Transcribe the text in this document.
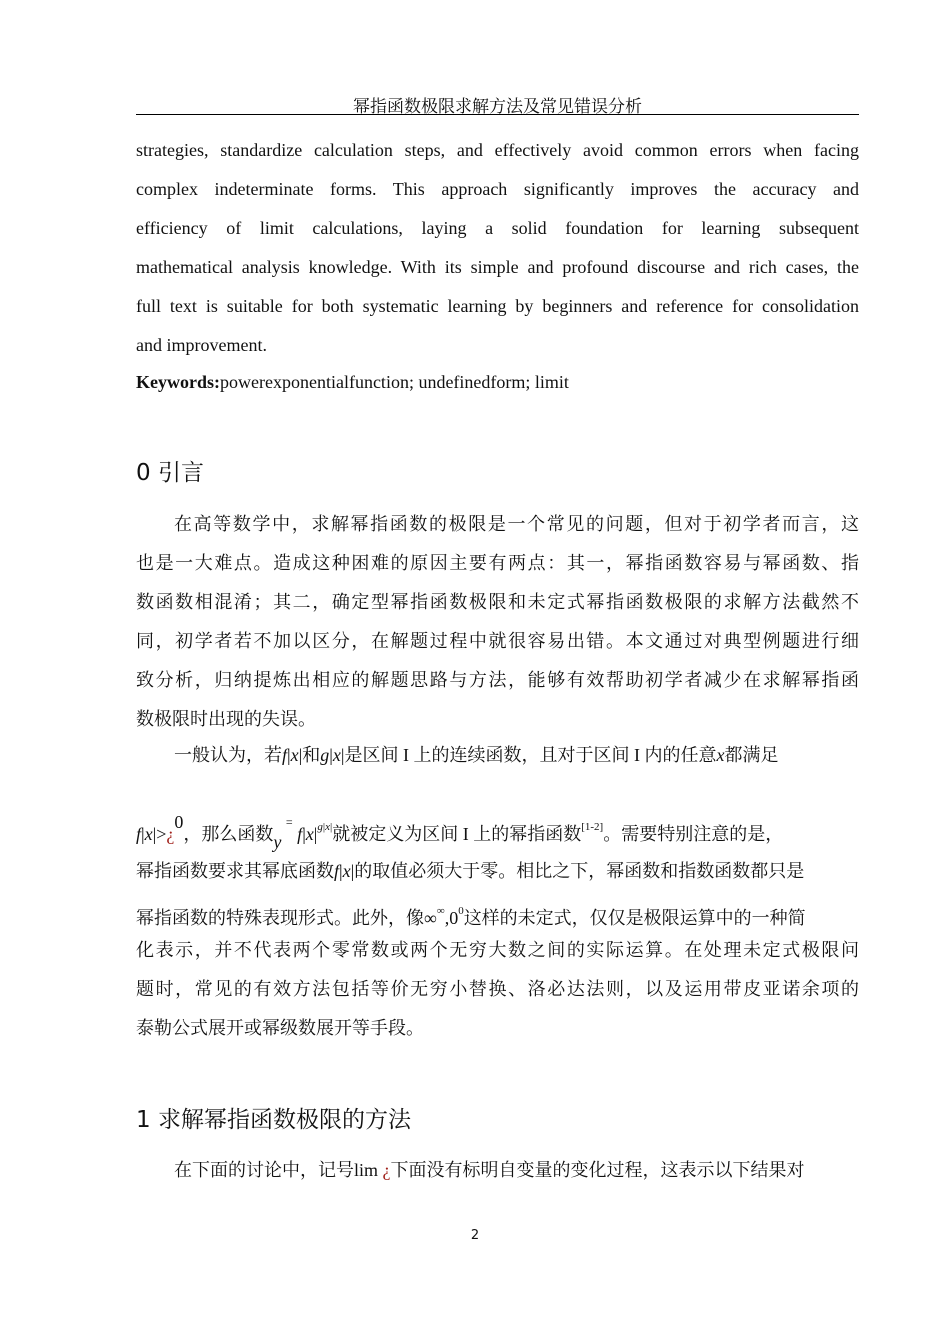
幂指函数极限求解方法及常见错误分析
strategies, standardize calculation steps, and effectively avoid common errors when facing
complex indeterminate forms. This approach significantly improves the accuracy and
efficiency of limit calculations, laying a solid foundation for learning subsequent
mathematical analysis knowledge. With its simple and profound discourse and rich cases, the
full text is suitable for both systematic learning by beginners and reference for consolidation
and improvement.
Keywords:powerexponentialfunction; undefinedform; limit
0 引言
在高等数学中，求解幂指函数的极限是一个常见的问题，但对于初学者而言，这
也是一大难点。造成这种困难的原因主要有两点：其一，幂指函数容易与幂函数、指
数函数相混淆；其二，确定型幂指函数极限和未定式幂指函数极限的求解方法截然不
同，初学者若不加以区分，在解题过程中就很容易出错。本文通过对典型例题进行细
致分析，归纳提炼出相应的解题思路与方法，能够有效帮助初学者减少在求解幂指函
数极限时出现的失误。
一般认为，若f|x|和g|x|是区间 I 上的连续函数，且对于区间 I 内的任意x都满足
f|x|>¿0，那么函数y = $f|x|^{g|x|}$就被定义为区间 I 上的幂指函数[1-2]。需要特别注意的是，
幂指函数要求其幂底函数f|x|的取值必须大于零。相比之下，幂函数和指数函数都只是
幂指函数的特殊表现形式。此外，像$\infty^\infty,0^0$这样的未定式，仅仅是极限运算中的一种简
化表示，并不代表两个零常数或两个无穷大数之间的实际运算。在处理未定式极限问
题时，常见的有效方法包括等价无穷小替换、洛必达法则，以及运用带皮亚诺余项的
泰勒公式展开或幂级数展开等手段。
1 求解幂指函数极限的方法
在下面的讨论中，记号lim ¿下面没有标明自变量的变化过程，这表示以下结果对
2
